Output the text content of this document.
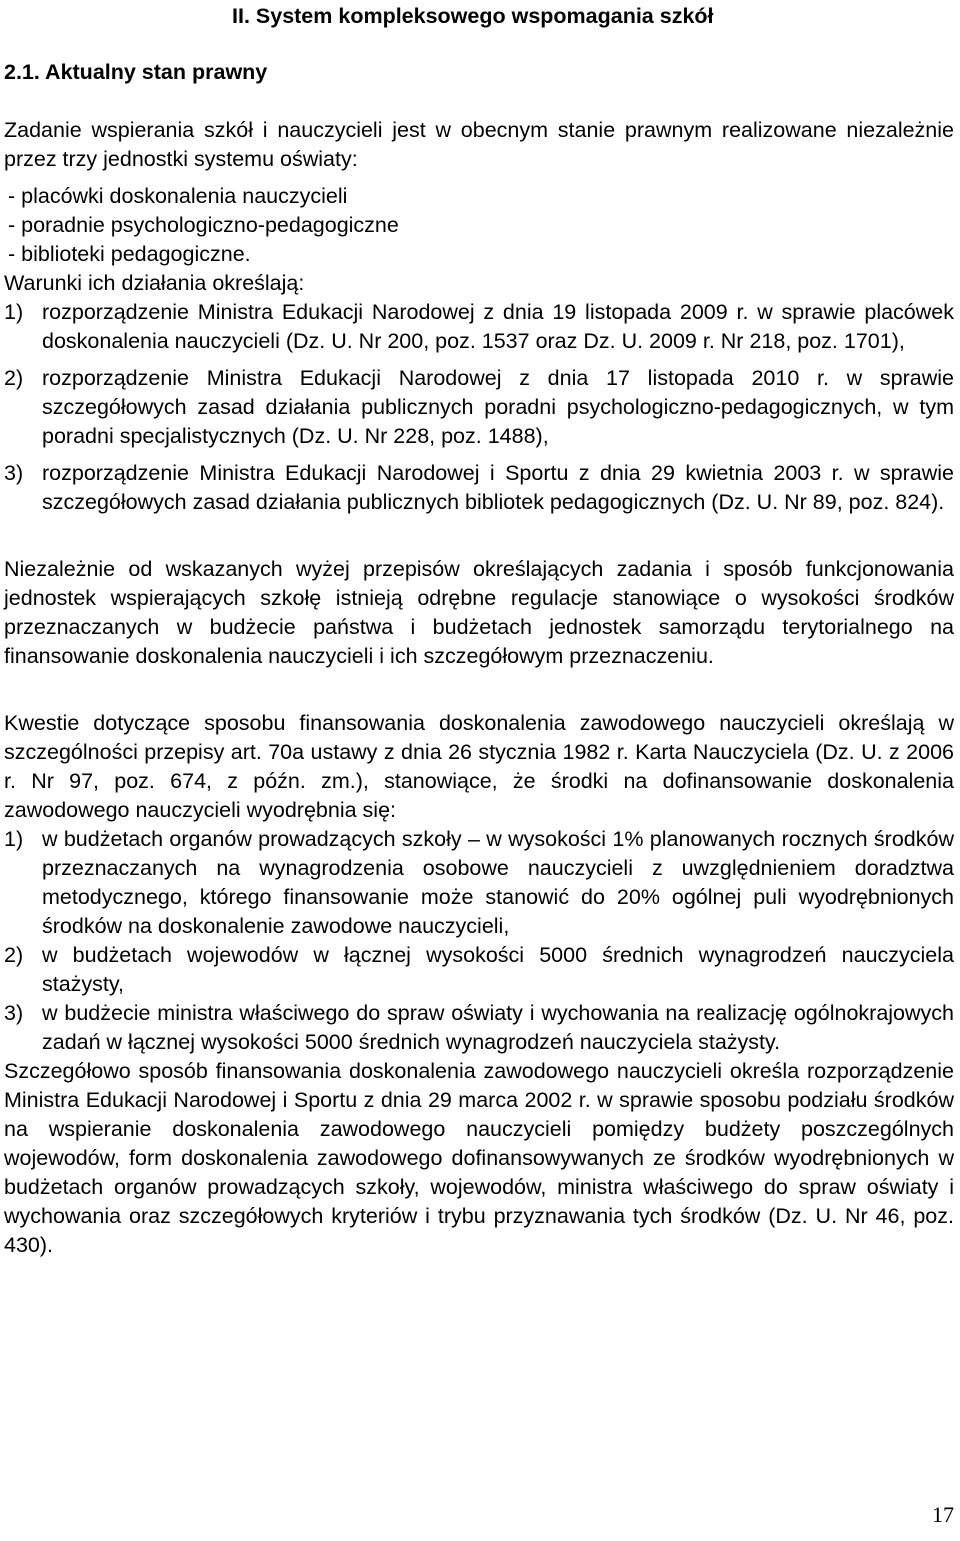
II. System kompleksowego wspomagania szkół
2.1. Aktualny stan prawny

Zadanie wspierania szkół i nauczycieli jest w obecnym stanie prawnym realizowane niezależnie przez trzy jednostki systemu oświaty:

- placówki doskonalenia nauczycieli

- poradnie psychologiczno-pedagogiczne

- biblioteki pedagogiczne.

Warunki ich działania określają:

1) rozporządzenie Ministra Edukacji Narodowej z dnia 19 listopada 2009 r. w sprawie placówek doskonalenia nauczycieli (Dz. U. Nr 200, poz. 1537 oraz Dz. U. 2009 r. Nr 218, poz. 1701),
2) rozporządzenie Ministra Edukacji Narodowej z dnia 17 listopada 2010 r. w sprawie szczegółowych zasad działania publicznych poradni psychologiczno-pedagogicznych, w tym poradni specjalistycznych (Dz. U. Nr 228, poz. 1488),
3) rozporządzenie Ministra Edukacji Narodowej i Sportu z dnia 29 kwietnia 2003 r. w sprawie szczegółowych zasad działania publicznych bibliotek pedagogicznych (Dz. U. Nr 89, poz. 824).

Niezależnie od wskazanych wyżej przepisów określających zadania i sposób funkcjonowania jednostek wspierających szkołę istnieją odrębne regulacje stanowiące o wysokości środków przeznaczanych w budżecie państwa i budżetach jednostek samorządu terytorialnego na finansowanie doskonalenia nauczycieli i ich szczegółowym przeznaczeniu.

Kwestie dotyczące sposobu finansowania doskonalenia zawodowego nauczycieli określają w szczególności przepisy art. 70a ustawy z dnia 26 stycznia 1982 r. Karta Nauczyciela (Dz. U. z 2006 r. Nr 97, poz. 674, z późn. zm.), stanowiące, że środki na dofinansowanie doskonalenia zawodowego nauczycieli wyodrębnia się:

1) w budżetach organów prowadzących szkoły – w wysokości 1% planowanych rocznych środków przeznaczanych na wynagrodzenia osobowe nauczycieli z uwzględnieniem doradztwa metodycznego, którego finansowanie może stanowić do 20% ogólnej puli wyodrębnionych środków na doskonalenie zawodowe nauczycieli,
2) w budżetach wojewodów w łącznej wysokości 5000 średnich wynagrodzeń nauczyciela stażysty,
3) w budżecie ministra właściwego do spraw oświaty i wychowania na realizację ogólnokrajowych zadań w łącznej wysokości 5000 średnich wynagrodzeń nauczyciela stażysty.

Szczegółowo sposób finansowania doskonalenia zawodowego nauczycieli określa rozporządzenie Ministra Edukacji Narodowej i Sportu z dnia 29 marca 2002 r. w sprawie sposobu podziału środków na wspieranie doskonalenia zawodowego nauczycieli pomiędzy budżety poszczególnych wojewodów, form doskonalenia zawodowego dofinansowywanych ze środków wyodrębnionych w budżetach organów prowadzących szkoły, wojewodów, ministra właściwego do spraw oświaty i wychowania oraz szczegółowych kryteriów i trybu przyznawania tych środków (Dz. U. Nr 46, poz. 430).

17
